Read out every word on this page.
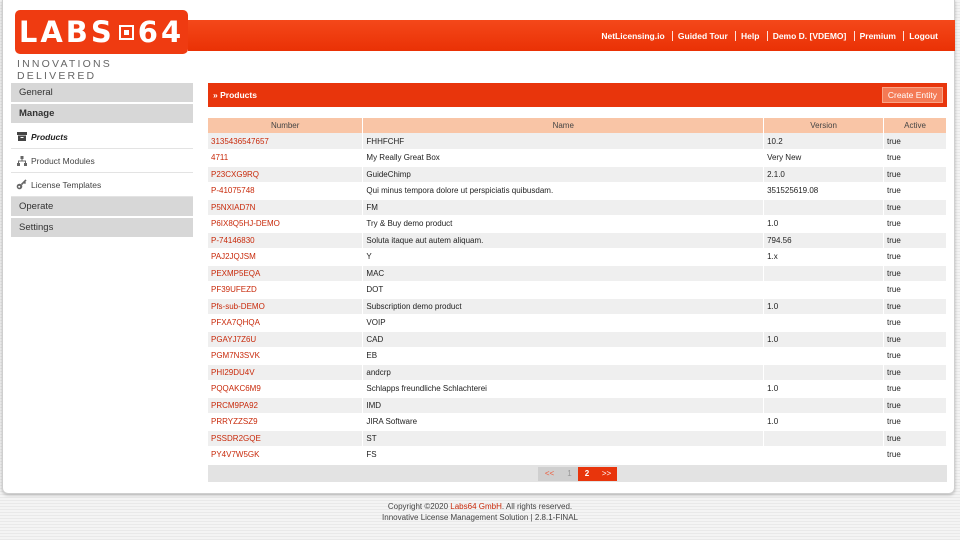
LABS 64
INNOVATIONS DELIVERED
NetLicensing.io Guided Tour Help Demo D. [VDEMO] Premium Logout
General
Manage
Products
Product Modules
License Templates
Operate
Settings
» Products	Create Entity
Number	Name	Version	Active
3135436547657	FHHFCHF	10.2	true
4711	My Really Great Box	Very New	true
P23CXG9RQ	GuideChimp	2.1.0	true
P-41075748	Qui minus tempora dolore ut perspiciatis quibusdam.	351525619.08	true
P5NXIAD7N	FM		true
P6IX8Q5HJ-DEMO	Try & Buy demo product	1.0	true
P-74146830	Soluta itaque aut autem aliquam.	794.56	true
PAJ2JQJSM	Y	1.x	true
PEXMP5EQA	MAC		true
PF39UFEZD	DOT		true
Pfs-sub-DEMO	Subscription demo product	1.0	true
PFXA7QHQA	VOIP		true
PGAYJ7Z6U	CAD	1.0	true
PGM7N3SVK	EB		true
PHI29DU4V	andcrp		true
PQQAKC6M9	Schlapps freundliche Schlachterei	1.0	true
PRCM9PA92	IMD		true
PRRYZZSZ9	JIRA Software	1.0	true
PSSDR2GQE	ST		true
PY4V7W5GK	FS		true
<<	1	2	>>
Copyright ©2020 Labs64 GmbH. All rights reserved.
Innovative License Management Solution | 2.8.1-FINAL
